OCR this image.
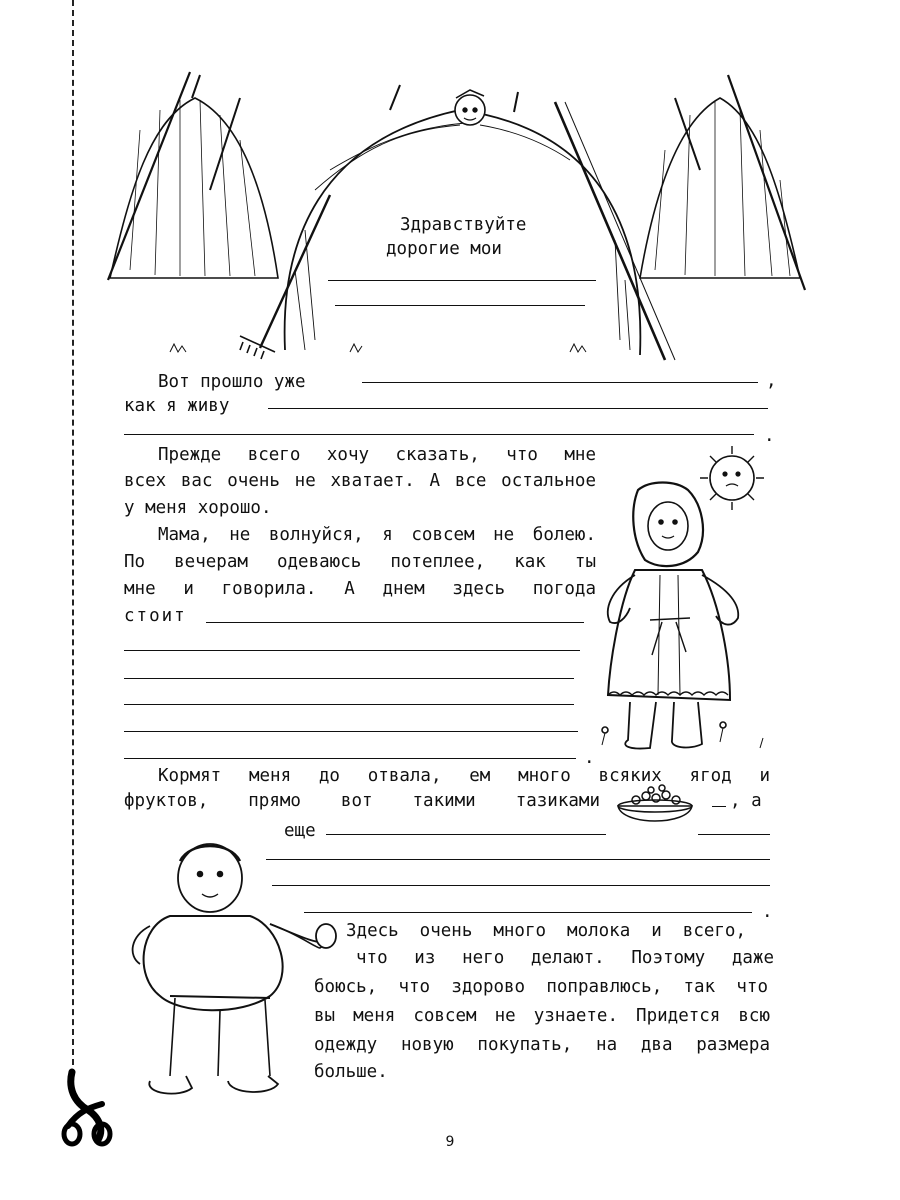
Здравствуйте
дорогие мои
Вот прошло уже	,
как я живу
.
Прежде всего хочу сказать, что мне
всех вас очень не хватает. А все остальное
у меня хорошо.
Мама, не волнуйся, я совсем не болею.
По вечерам одеваюсь потеплее, как ты
мне и говорила. А днем здесь погода
стоит
.
Кормят меня до отвала, ем много всяких ягод и
фруктов, прямо вот такими тазиками	, а
еще
.
Здесь очень много молока и всего,
что из него делают. Поэтому даже
боюсь, что здорово поправлюсь, так что
вы меня совсем не узнаете. Придется всю
одежду новую покупать, на два размера
больше.
9
